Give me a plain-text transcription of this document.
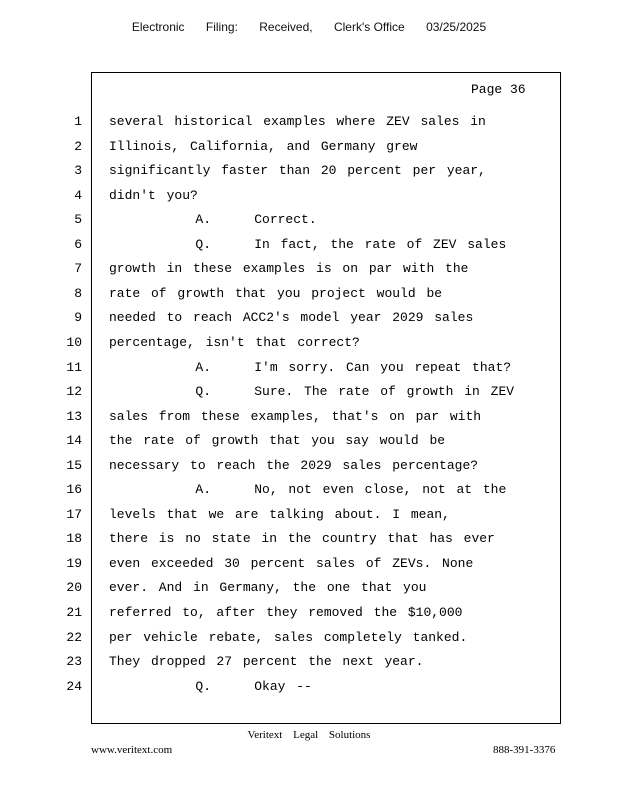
Electronic Filing: Received, Clerk's Office 03/25/2025
Page 36
1 several historical examples where ZEV sales in
2 Illinois, California, and Germany grew
3 significantly faster than 20 percent per year,
4 didn't you?
5 A.    Correct.
6 Q.    In fact, the rate of ZEV sales
7 growth in these examples is on par with the
8 rate of growth that you project would be
9 needed to reach ACC2's model year 2029 sales
10 percentage, isn't that correct?
11 A.    I'm sorry. Can you repeat that?
12 Q.    Sure. The rate of growth in ZEV
13 sales from these examples, that's on par with
14 the rate of growth that you say would be
15 necessary to reach the 2029 sales percentage?
16 A.    No, not even close, not at the
17 levels that we are talking about. I mean,
18 there is no state in the country that has ever
19 even exceeded 30 percent sales of ZEVs. None
20 ever. And in Germany, the one that you
21 referred to, after they removed the $10,000
22 per vehicle rebate, sales completely tanked.
23 They dropped 27 percent the next year.
24 Q.    Okay --
Veritext Legal Solutions
www.veritext.com	888-391-3376
